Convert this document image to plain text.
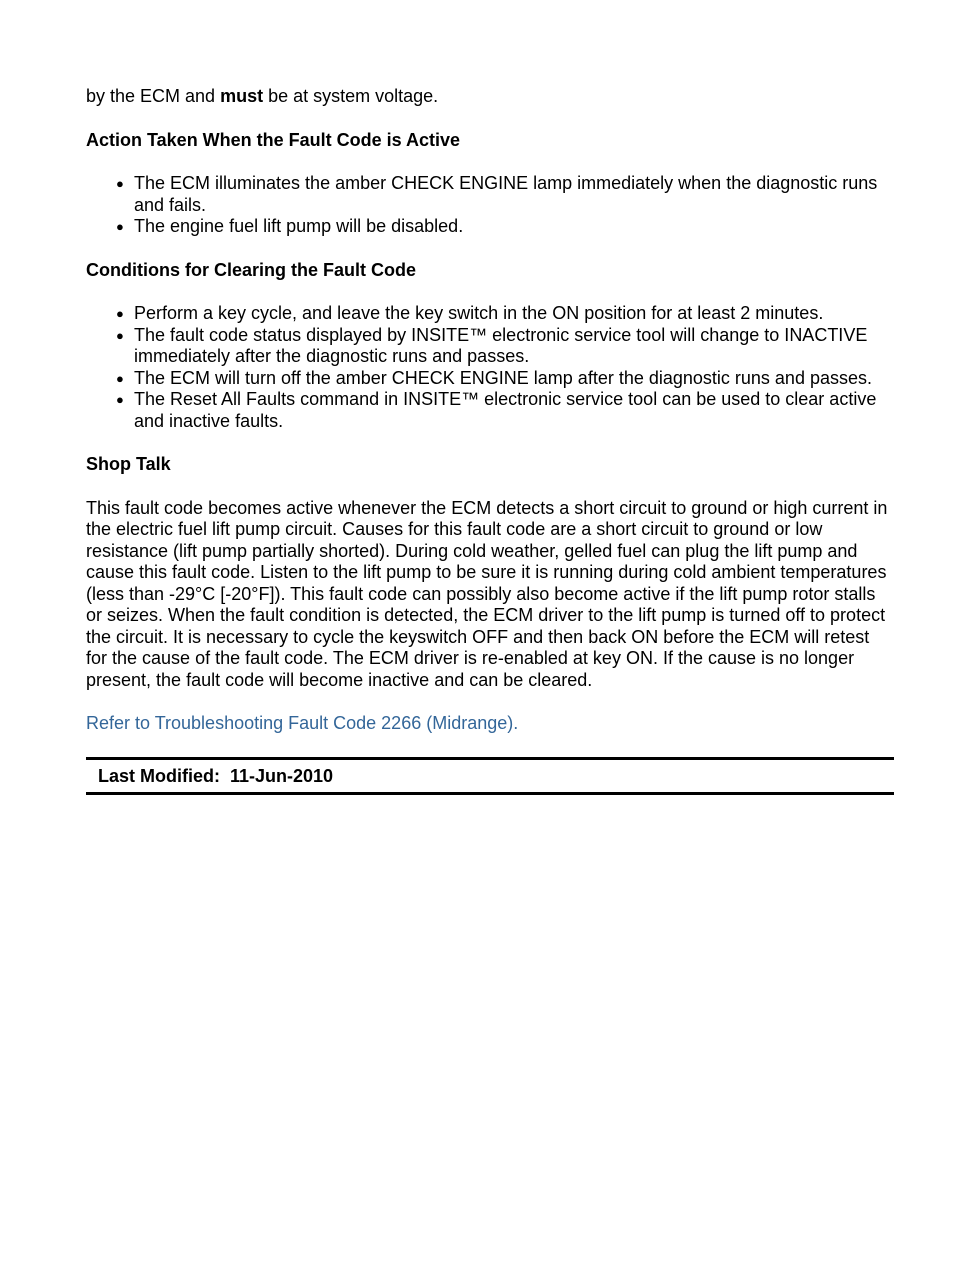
by the ECM and must be at system voltage.

Action Taken When the Fault Code is Active

● The ECM illuminates the amber CHECK ENGINE lamp immediately when the diagnostic runs and fails.
● The engine fuel lift pump will be disabled.

Conditions for Clearing the Fault Code

● Perform a key cycle, and leave the key switch in the ON position for at least 2 minutes.
● The fault code status displayed by INSITE™ electronic service tool will change to INACTIVE immediately after the diagnostic runs and passes.
● The ECM will turn off the amber CHECK ENGINE lamp after the diagnostic runs and passes.
● The Reset All Faults command in INSITE™ electronic service tool can be used to clear active and inactive faults.

Shop Talk

This fault code becomes active whenever the ECM detects a short circuit to ground or high current in the electric fuel lift pump circuit. Causes for this fault code are a short circuit to ground or low resistance (lift pump partially shorted). During cold weather, gelled fuel can plug the lift pump and cause this fault code. Listen to the lift pump to be sure it is running during cold ambient temperatures (less than -29°C [-20°F]). This fault code can possibly also become active if the lift pump rotor stalls or seizes. When the fault condition is detected, the ECM driver to the lift pump is turned off to protect the circuit. It is necessary to cycle the keyswitch OFF and then back ON before the ECM will retest for the cause of the fault code. The ECM driver is re-enabled at key ON. If the cause is no longer present, the fault code will become inactive and can be cleared.

Refer to Troubleshooting Fault Code 2266 (Midrange).

Last Modified: 11-Jun-2010
